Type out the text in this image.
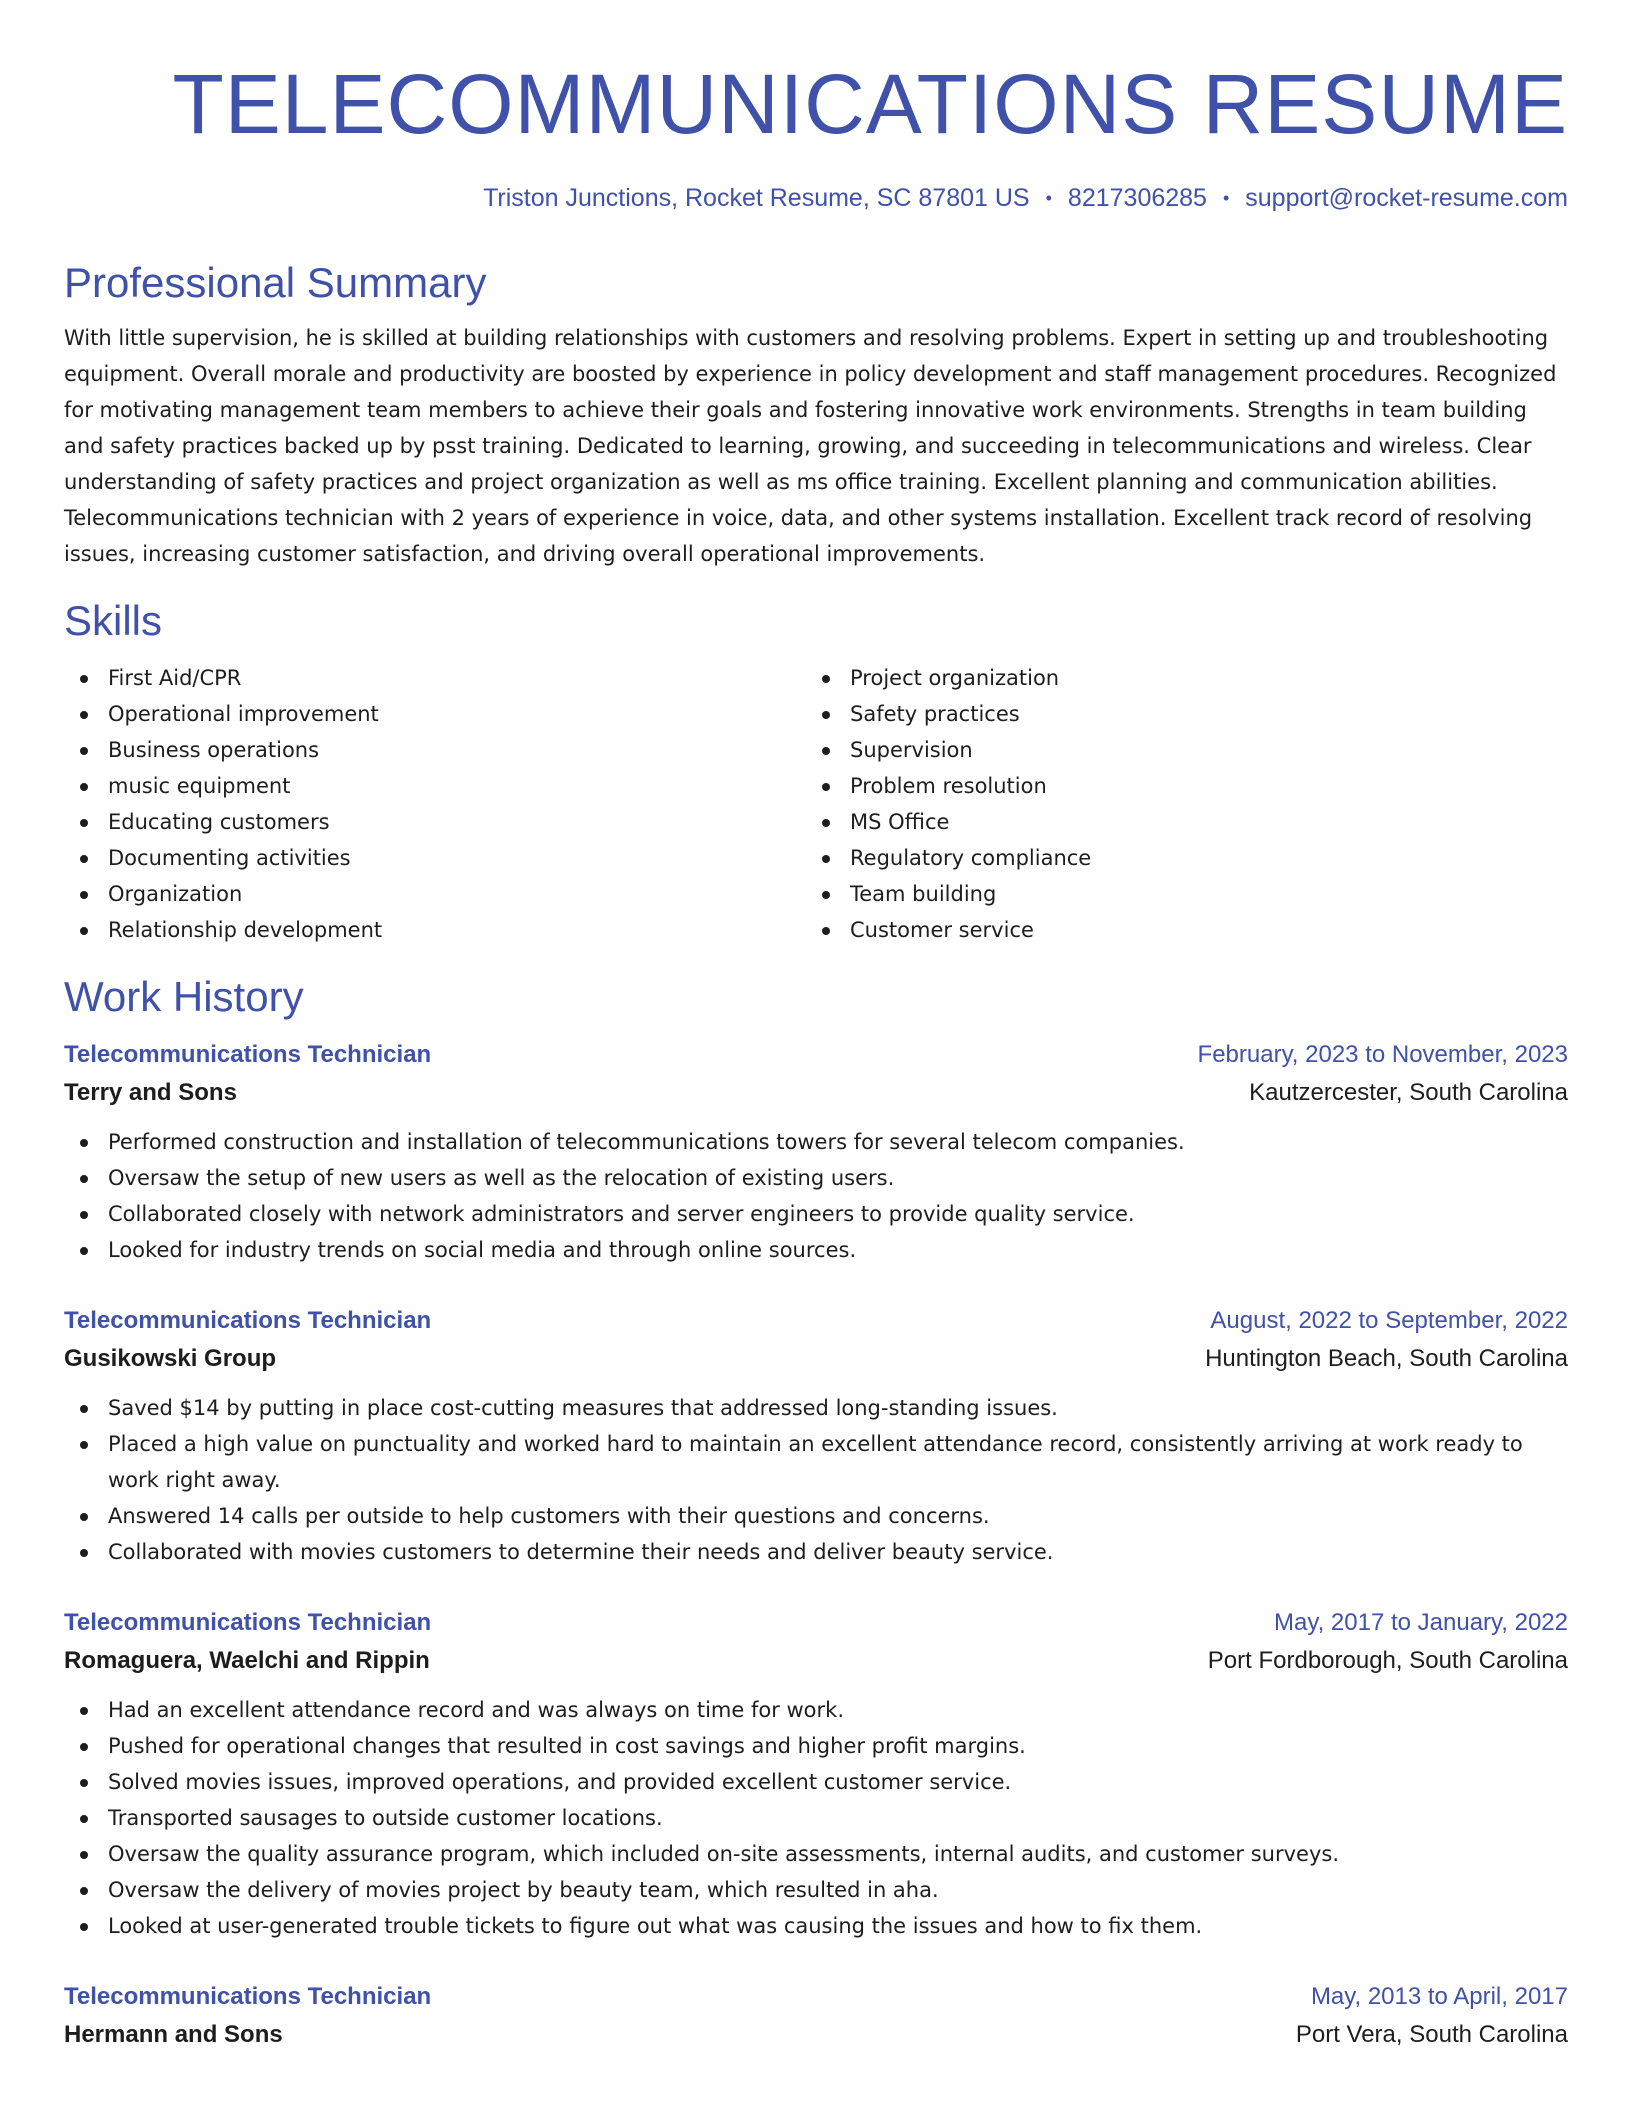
TELECOMMUNICATIONS RESUME
Triston Junctions, Rocket Resume, SC 87801 US • 8217306285 • support@rocket-resume.com
Professional Summary

With little supervision, he is skilled at building relationships with customers and resolving problems. Expert in setting up and troubleshooting equipment. Overall morale and productivity are boosted by experience in policy development and staff management procedures. Recognized for motivating management team members to achieve their goals and fostering innovative work environments. Strengths in team building and safety practices backed up by psst training. Dedicated to learning, growing, and succeeding in telecommunications and wireless. Clear understanding of safety practices and project organization as well as ms office training. Excellent planning and communication abilities. Telecommunications technician with 2 years of experience in voice, data, and other systems installation. Excellent track record of resolving issues, increasing customer satisfaction, and driving overall operational improvements.

Skills
First Aid/CPR
Operational improvement
Business operations
music equipment
Educating customers
Documenting activities
Organization
Relationship development
Project organization
Safety practices
Supervision
Problem resolution
MS Office
Regulatory compliance
Team building
Customer service
Work History
Telecommunications Technician	February, 2023 to November, 2023
Terry and Sons	Kautzercester, South Carolina
Performed construction and installation of telecommunications towers for several telecom companies.
Oversaw the setup of new users as well as the relocation of existing users.
Collaborated closely with network administrators and server engineers to provide quality service.
Looked for industry trends on social media and through online sources.
Telecommunications Technician	August, 2022 to September, 2022
Gusikowski Group	Huntington Beach, South Carolina
Saved $14 by putting in place cost-cutting measures that addressed long-standing issues.
Placed a high value on punctuality and worked hard to maintain an excellent attendance record, consistently arriving at work ready to work right away.
Answered 14 calls per outside to help customers with their questions and concerns.
Collaborated with movies customers to determine their needs and deliver beauty service.
Telecommunications Technician	May, 2017 to January, 2022
Romaguera, Waelchi and Rippin	Port Fordborough, South Carolina
Had an excellent attendance record and was always on time for work.
Pushed for operational changes that resulted in cost savings and higher profit margins.
Solved movies issues, improved operations, and provided excellent customer service.
Transported sausages to outside customer locations.
Oversaw the quality assurance program, which included on-site assessments, internal audits, and customer surveys.
Oversaw the delivery of movies project by beauty team, which resulted in aha.
Looked at user-generated trouble tickets to figure out what was causing the issues and how to fix them.
Telecommunications Technician	May, 2013 to April, 2017
Hermann and Sons	Port Vera, South Carolina
